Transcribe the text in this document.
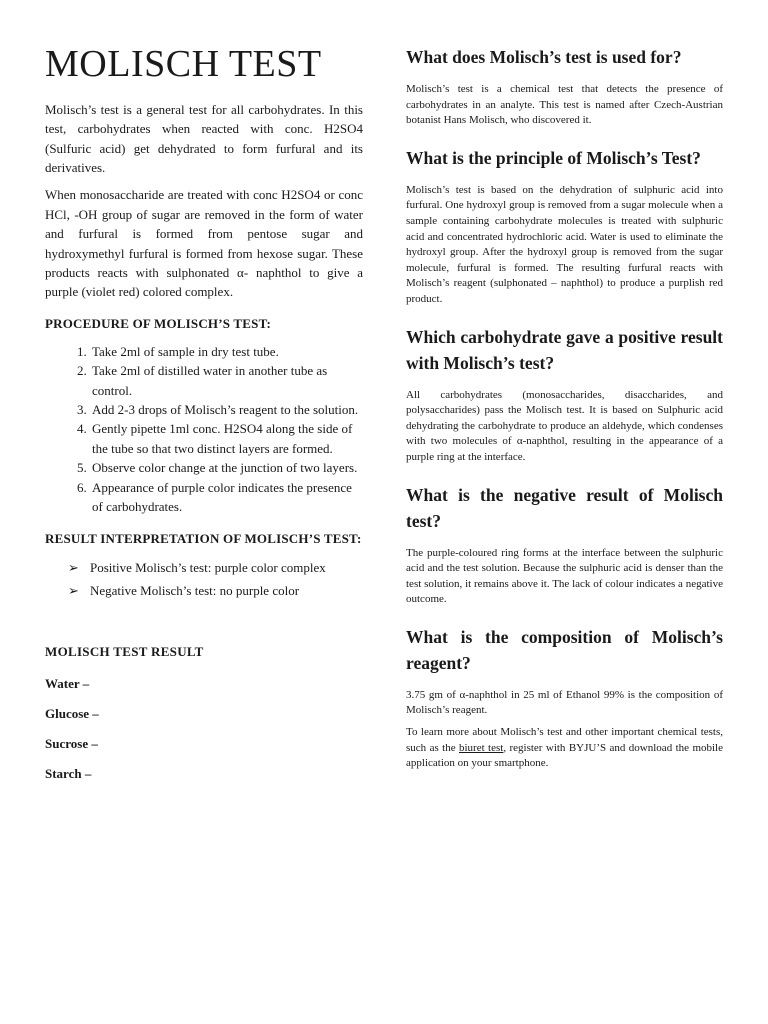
MOLISCH TEST

Molisch’s test is a general test for all carbohydrates. In this test, carbohydrates when reacted with conc. H2SO4 (Sulfuric acid) get dehydrated to form furfural and its derivatives.

When monosaccharide are treated with conc H2SO4 or conc HCl, -OH group of sugar are removed in the form of water and furfural is formed from pentose sugar and hydroxymethyl furfural is formed from hexose sugar. These products reacts with sulphonated α- naphthol to give a purple (violet red) colored complex.

PROCEDURE OF MOLISCH’S TEST:
1. Take 2ml of sample in dry test tube.
2. Take 2ml of distilled water in another tube as control.
3. Add 2-3 drops of Molisch’s reagent to the solution.
4. Gently pipette 1ml conc. H2SO4 along the side of the tube so that two distinct layers are formed.
5. Observe color change at the junction of two layers.
6. Appearance of purple color indicates the presence of carbohydrates.
RESULT INTERPRETATION OF MOLISCH’S TEST:
➢ Positive Molisch’s test: purple color complex
➢ Negative Molisch’s test: no purple color
MOLISCH TEST RESULT
Water –
Glucose –
Sucrose –
Starch –
What does Molisch’s test is used for?

Molisch’s test is a chemical test that detects the presence of carbohydrates in an analyte. This test is named after Czech-Austrian botanist Hans Molisch, who discovered it.

What is the principle of Molisch’s Test?

Molisch’s test is based on the dehydration of sulphuric acid into furfural. One hydroxyl group is removed from a sugar molecule when a sample containing carbohydrate molecules is treated with sulphuric acid and concentrated hydrochloric acid. Water is used to eliminate the hydroxyl group. After the hydroxyl group is removed from the sugar molecule, furfural is formed. The resulting furfural reacts with Molisch’s reagent (sulphonated – naphthol) to produce a purplish red product.

Which carbohydrate gave a positive result with Molisch’s test?

All carbohydrates (monosaccharides, disaccharides, and polysaccharides) pass the Molisch test. It is based on Sulphuric acid dehydrating the carbohydrate to produce an aldehyde, which condenses with two molecules of α-naphthol, resulting in the appearance of a purple ring at the interface.

What is the negative result of Molisch test?

The purple-coloured ring forms at the interface between the sulphuric acid and the test solution. Because the sulphuric acid is denser than the test solution, it remains above it. The lack of colour indicates a negative outcome.

What is the composition of Molisch’s reagent?

3.75 gm of α-naphthol in 25 ml of Ethanol 99% is the composition of Molisch’s reagent.

To learn more about Molisch’s test and other important chemical tests, such as the biuret test, register with BYJU’S and download the mobile application on your smartphone.
